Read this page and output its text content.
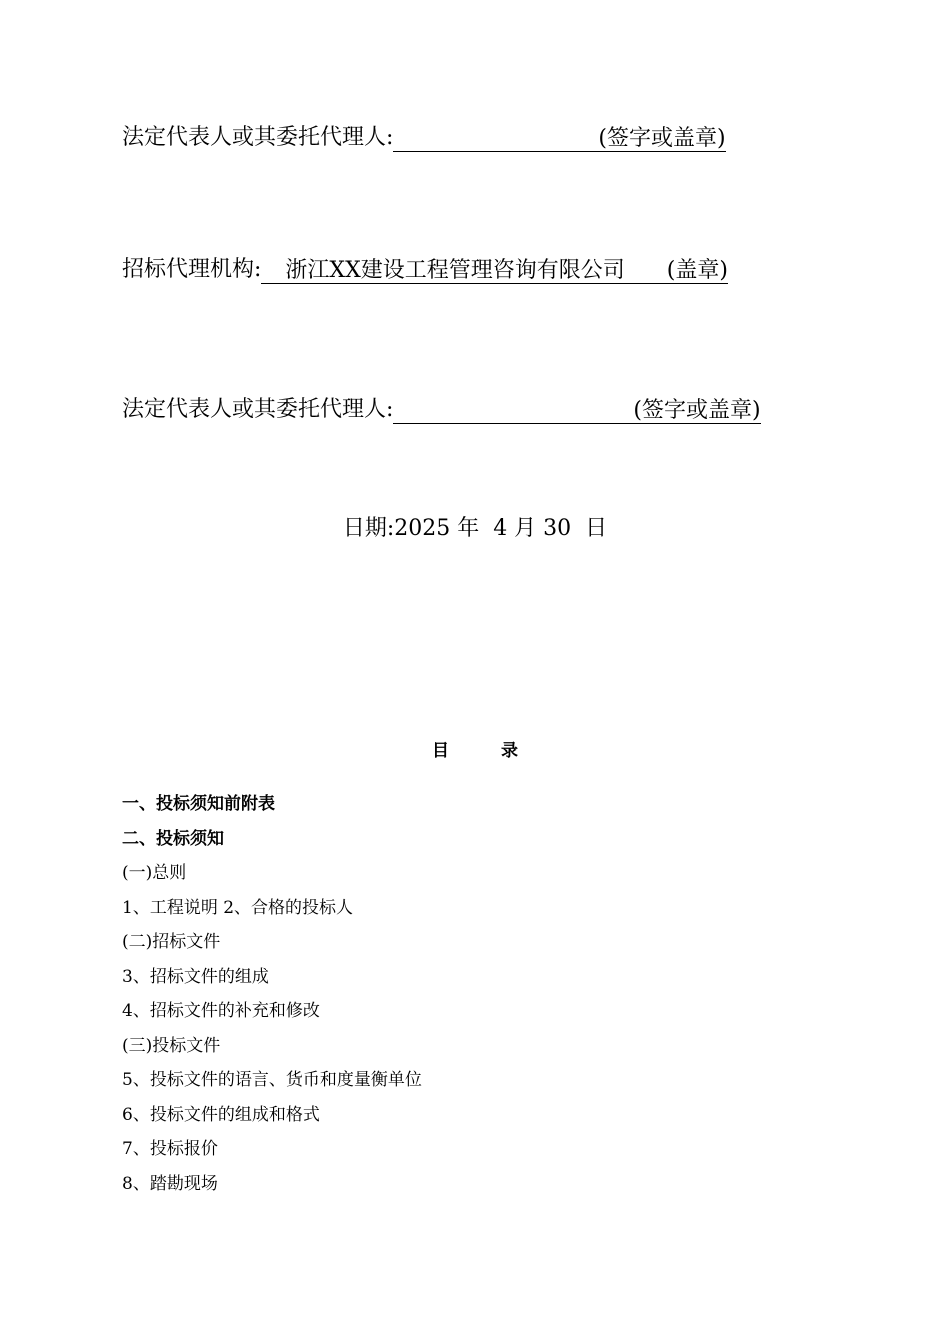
法定代表人或其委托代理人:	(签字或盖章)
招标代理机构: 浙江XX建设工程管理咨询有限公司 (盖章)
法定代表人或其委托代理人:	(签字或盖章)
日期:2025 年  4 月 30  日
目	录
一、投标须知前附表
二、投标须知
(一)总则
1、工程说明 2、合格的投标人
(二)招标文件
3、招标文件的组成
4、招标文件的补充和修改
(三)投标文件
5、投标文件的语言、货币和度量衡单位
6、投标文件的组成和格式
7、投标报价
8、踏勘现场
